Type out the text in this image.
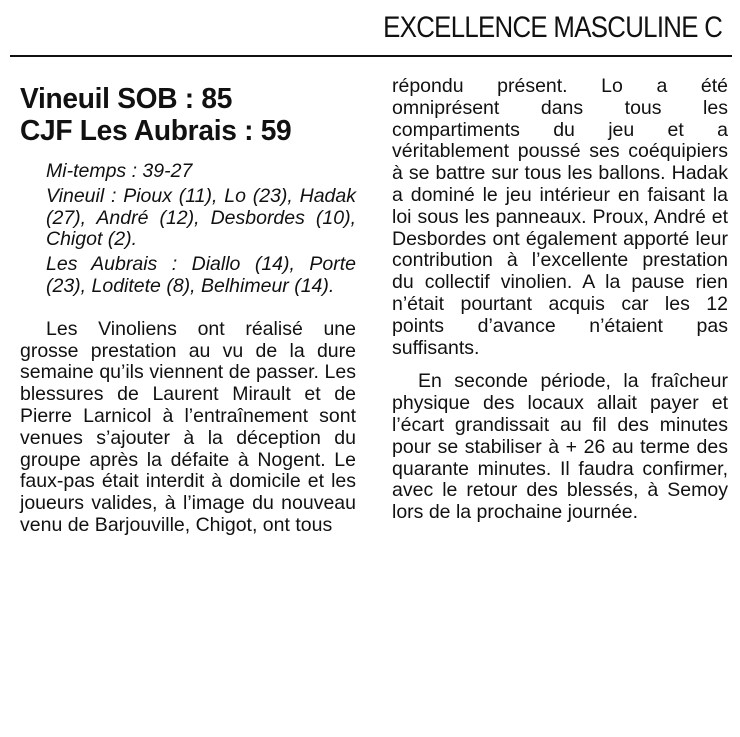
EXCELLENCE MASCULINE C
Vineuil SOB : 85
CJF Les Aubrais : 59
Mi-temps : 39-27
Vineuil : Pioux (11), Lo (23), Hadak (27), André (12), Desbordes (10), Chigot (2).
Les Aubrais : Diallo (14), Porte (23), Loditete (8), Belhimeur (14).

Les Vinoliens ont réalisé une grosse prestation au vu de la dure semaine qu’ils viennent de passer. Les blessures de Laurent Mirault et de Pierre Larnicol à l’entraînement sont venues s’ajouter à la déception du groupe après la défaite à Nogent. Le faux-pas était interdit à domicile et les joueurs valides, à l’image du nouveau venu de Barjouville, Chigot, ont tous

répondu présent. Lo a été omniprésent dans tous les compartiments du jeu et a véritablement poussé ses coéquipiers à se battre sur tous les ballons. Hadak a dominé le jeu intérieur en faisant la loi sous les panneaux. Proux, André et Desbordes ont également apporté leur contribution à l’excellente prestation du collectif vinolien. A la pause rien n’était pourtant acquis car les 12 points d’avance n’étaient pas suffisants.

En seconde période, la fraîcheur physique des locaux allait payer et l’écart grandissait au fil des minutes pour se stabiliser à + 26 au terme des quarante minutes. Il faudra confirmer, avec le retour des blessés, à Semoy lors de la prochaine journée.
